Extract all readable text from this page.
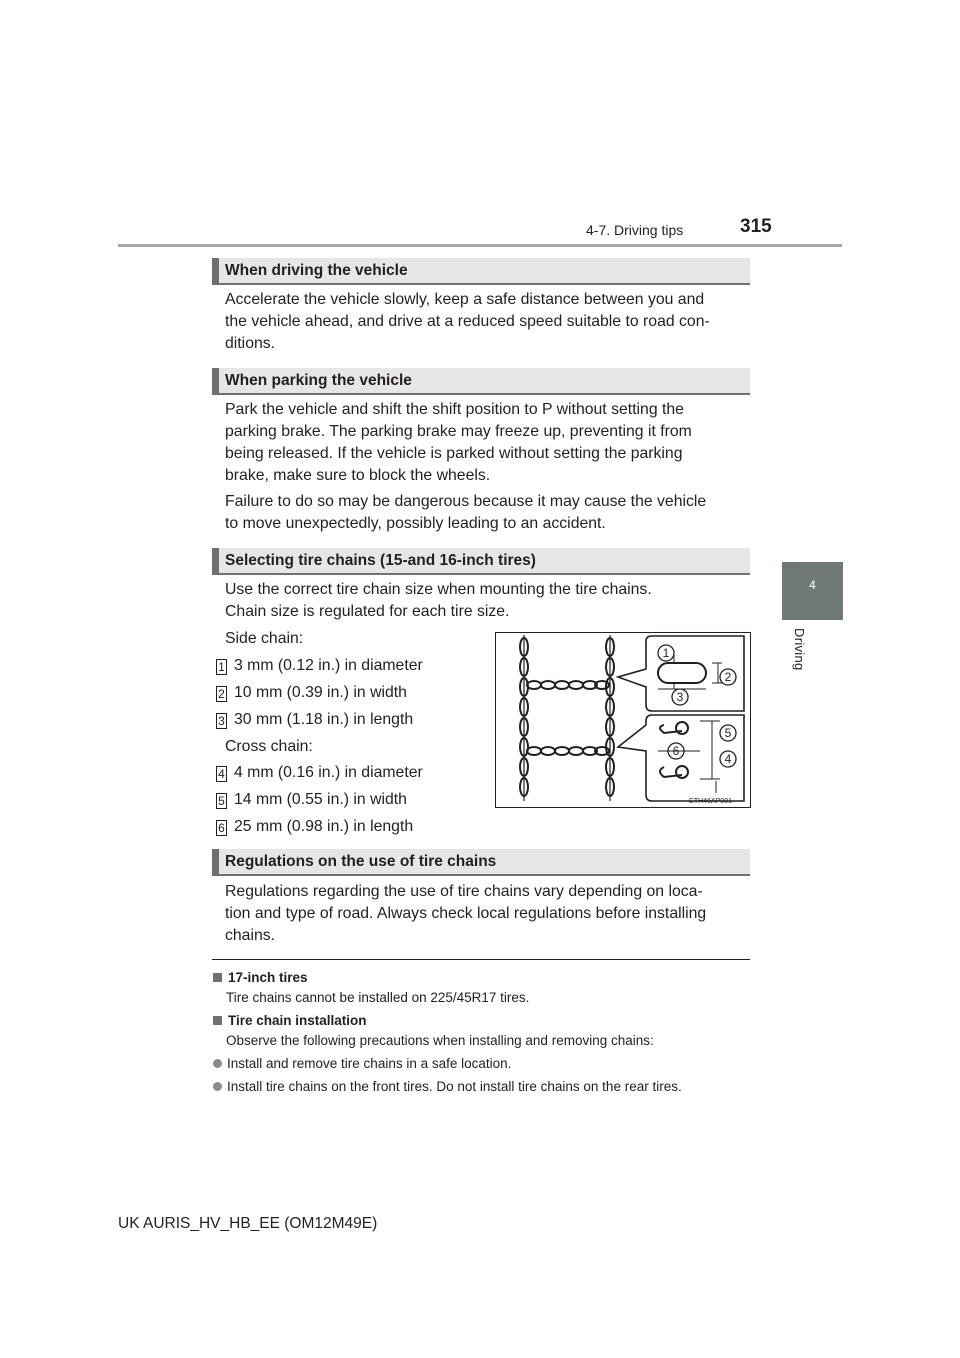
4-7. Driving tips	315
4
Driving
When driving the vehicle
Accelerate the vehicle slowly, keep a safe distance between you and
the vehicle ahead, and drive at a reduced speed suitable to road con-
ditions.
When parking the vehicle
Park the vehicle and shift the shift position to P without setting the
parking brake. The parking brake may freeze up, preventing it from
being released. If the vehicle is parked without setting the parking
brake, make sure to block the wheels.
Failure to do so may be dangerous because it may cause the vehicle
to move unexpectedly, possibly leading to an accident.
Selecting tire chains (15-and 16-inch tires)
Use the correct tire chain size when mounting the tire chains.
Chain size is regulated for each tire size.
Side chain:
1 3 mm (0.12 in.) in diameter
2 10 mm (0.39 in.) in width
3 30 mm (1.18 in.) in length
Cross chain:
4 4 mm (0.16 in.) in diameter
5 14 mm (0.55 in.) in width
6 25 mm (0.98 in.) in length
1
2
3
5
6
4
CTH46AP001
Regulations on the use of tire chains
Regulations regarding the use of tire chains vary depending on loca-
tion and type of road. Always check local regulations before installing
chains.
17-inch tires
Tire chains cannot be installed on 225/45R17 tires.
Tire chain installation
Observe the following precautions when installing and removing chains:
Install and remove tire chains in a safe location.
Install tire chains on the front tires. Do not install tire chains on the rear tires.
UK AURIS_HV_HB_EE (OM12M49E)
